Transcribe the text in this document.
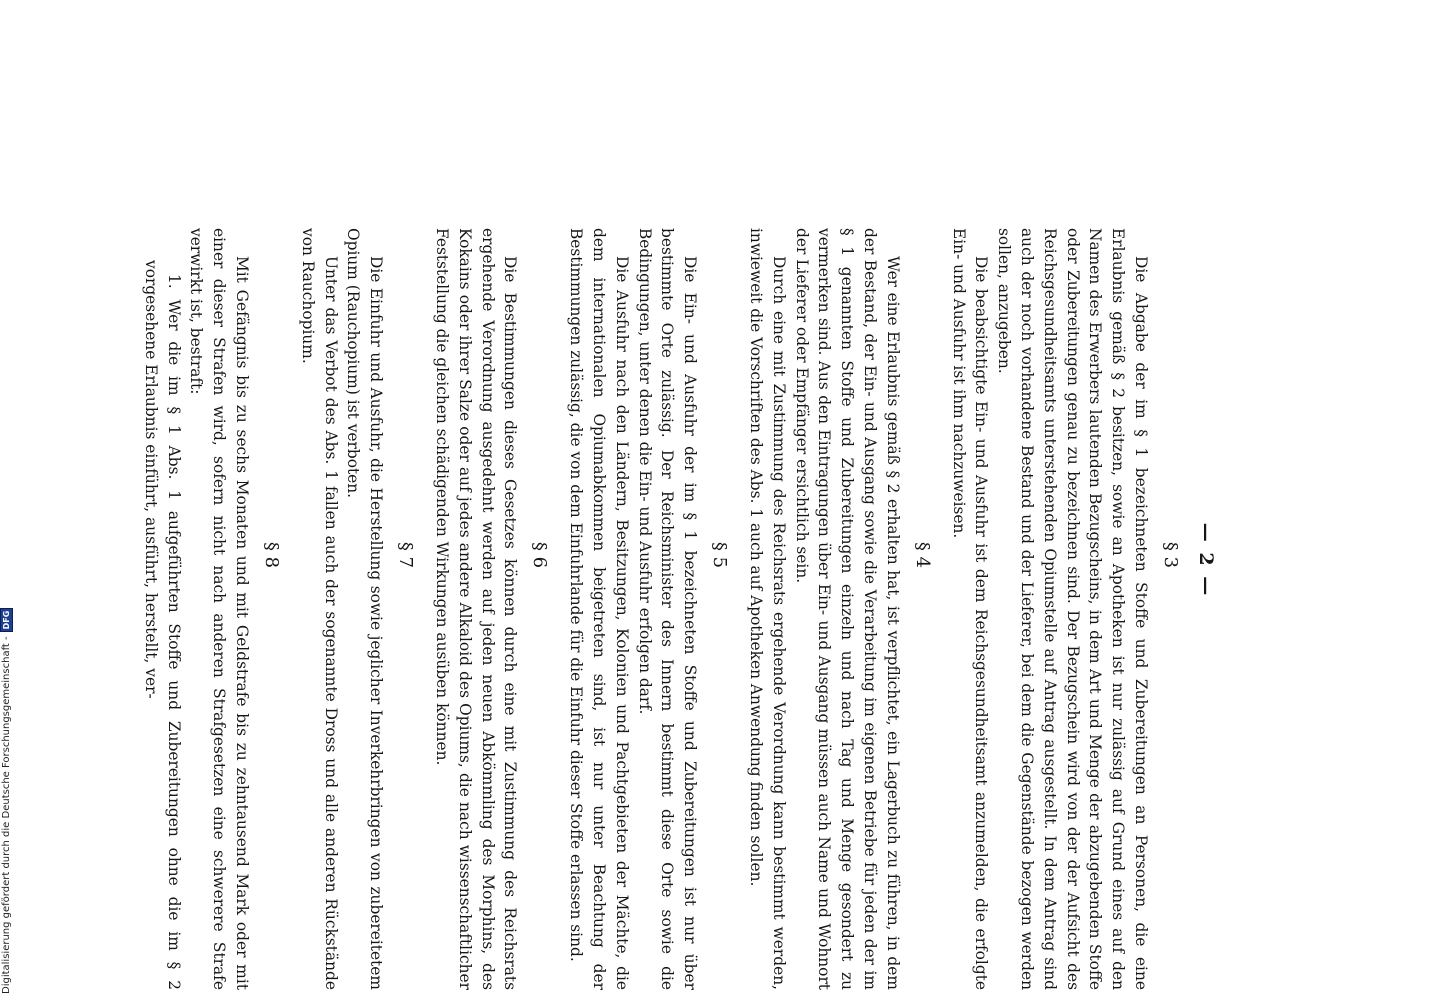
— 2 —
§ 3

Die Abgabe der im § 1 bezeichneten Stoffe und Zubereitungen an Personen, die eine Erlaubnis gemäß § 2 besitzen, sowie an Apotheken ist nur zulässig auf Grund eines auf den Namen des Erwerbers lautenden Bezugscheins, in dem Art und Menge der abzugebenden Stoffe oder Zubereitungen genau zu bezeichnen sind. Der Bezugschein wird von der der Aufsicht des Reichsgesundheitsamts unterstehenden Opiumstelle auf Antrag ausgestellt. In dem Antrag sind auch der noch vorhandene Bestand und der Lieferer, bei dem die Gegenstände bezogen werden sollen, anzugeben.

Die beabsichtigte Ein- und Ausfuhr ist dem Reichsgesundheitsamt anzumelden, die erfolgte Ein- und Ausfuhr ist ihm nachzuweisen.

§ 4

Wer eine Erlaubnis gemäß § 2 erhalten hat, ist verpflichtet, ein Lagerbuch zu führen, in dem der Bestand, der Ein- und Ausgang sowie die Verarbeitung im eigenen Betriebe für jeden der im § 1 genannten Stoffe und Zubereitungen einzeln und nach Tag und Menge gesondert zu vermerken sind. Aus den Eintragungen über Ein- und Ausgang müssen auch Name und Wohnort der Lieferer oder Empfänger ersichtlich sein.

Durch eine mit Zustimmung des Reichsrats ergehende Verordnung kann bestimmt werden, inwieweit die Vorschriften des Abs. 1 auch auf Apotheken Anwendung finden sollen.

§ 5

Die Ein- und Ausfuhr der im § 1 bezeichneten Stoffe und Zubereitungen ist nur über bestimmte Orte zulässig. Der Reichsminister des Innern bestimmt diese Orte sowie die Bedingungen, unter denen die Ein- und Ausfuhr erfolgen darf.

Die Ausfuhr nach den Ländern, Besitzungen, Kolonien und Pachtgebieten der Mächte, die dem internationalen Opiumabkommen beigetreten sind, ist nur unter Beachtung der Bestimmungen zulässig, die von dem Einfuhrlande für die Einfuhr dieser Stoffe erlassen sind.

§ 6

Die Bestimmungen dieses Gesetzes können durch eine mit Zustimmung des Reichsrats ergehende Verordnung ausgedehnt werden auf jeden neuen Abkömmling des Morphins, des Kokains oder ihrer Salze oder auf jedes andere Alkaloid des Opiums, die nach wissenschaftlicher Feststellung die gleichen schädigenden Wirkungen ausüben können.

§ 7

Die Einfuhr und Ausfuhr, die Herstellung sowie jeglicher Inverkehrbringen von zubereitetem Opium (Rauchopium) ist verboten.

Unter das Verbot des Abs. 1 fallen auch der sogenannte Dross und alle anderen Rückstände von Rauchopium.

§ 8

Mit Gefängnis bis zu sechs Monaten und mit Geldstrafe bis zu zehntausend Mark oder mit einer dieser Strafen wird, sofern nicht nach anderen Strafgesetzen eine schwerere Strafe verwirkt ist, bestraft:

1. Wer die im § 1 Abs. 1 aufgeführten Stoffe und Zubereitungen ohne die im § 2 vorgesehene Erlaubnis einführt, ausführt, herstellt, ver-

Digitalisierung gefördert durch die Deutsche Forschungsgemeinschaft -
DFG
